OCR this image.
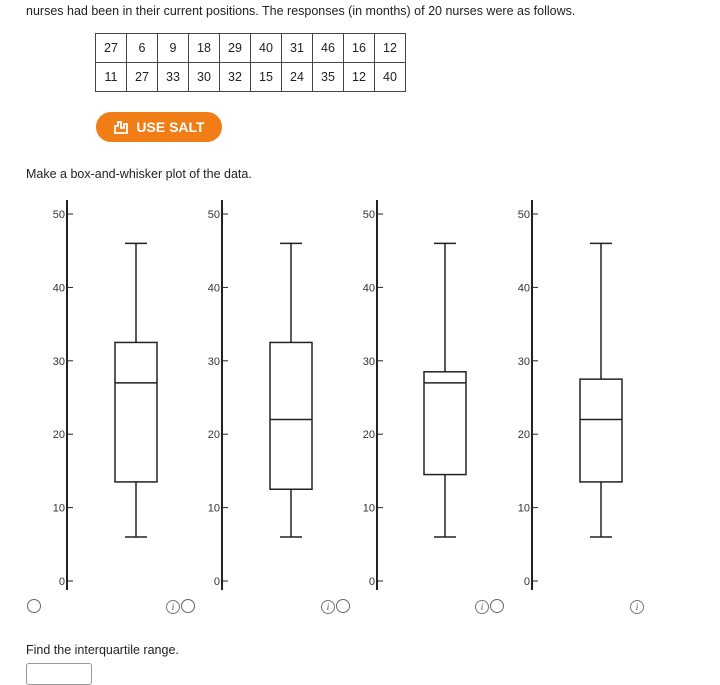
nurses had been in their current positions. The responses (in months) of 20 nurses were as follows.
27	6	9	18	29	40	31	46	16	12
11	27	33	30	32	15	24	35	12	40
USE SALT
Make a box-and-whisker plot of the data.
0
10
20
30
40
50
0
10
20
30
40
50
0
10
20
30
40
50
0
10
20
30
40
50
i	i	i	i
Find the interquartile range.
